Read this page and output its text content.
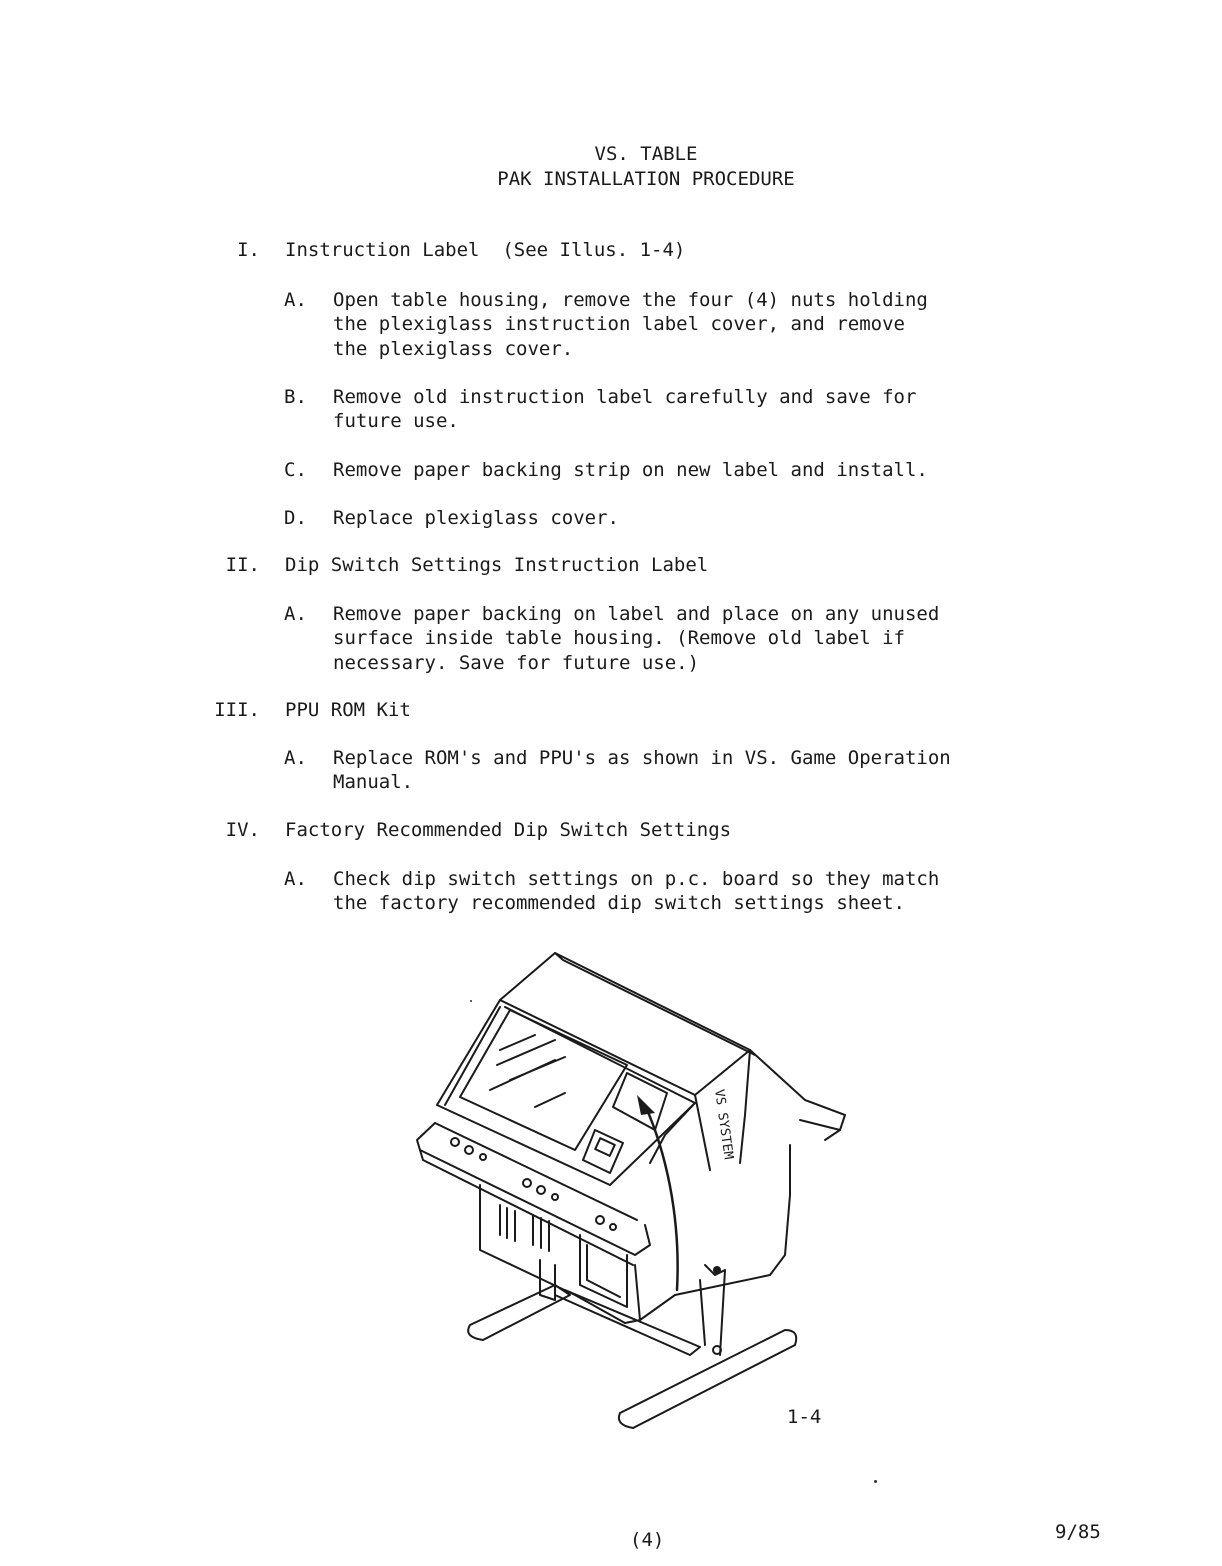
VS. TABLE
PAK INSTALLATION PROCEDURE
I. Instruction Label  (See Illus. 1-4)
A. Open table housing, remove the four (4) nuts holding
the plexiglass instruction label cover, and remove
the plexiglass cover.
B. Remove old instruction label carefully and save for
future use.
C. Remove paper backing strip on new label and install.
D. Replace plexiglass cover.
II. Dip Switch Settings Instruction Label
A. Remove paper backing on label and place on any unused
surface inside table housing. (Remove old label if
necessary. Save for future use.)
III. PPU ROM Kit
A. Replace ROM's and PPU's as shown in VS. Game Operation
Manual.
IV. Factory Recommended Dip Switch Settings
A. Check dip switch settings on p.c. board so they match
the factory recommended dip switch settings sheet.
VS SYSTEM
1-4
(4)	9/85
